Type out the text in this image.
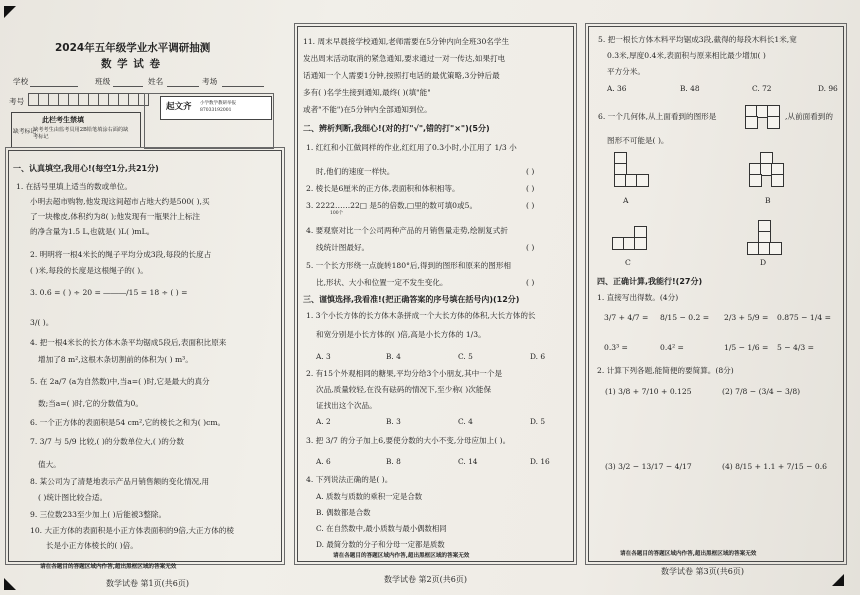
2024年五年级学业水平调研抽测
数 学 试 卷
学校	班级	姓名	考场
考号
此栏考生禁填
缺考标记
缺考考生由监考员用2B铅笔填涂右面的缺考标记
起文齐 小学数学教研举报
87033192001
一、认真填空,我用心!(每空1分,共21分)
1. 在括号里填上适当的数或单位。
小明去超市购物,他发现这间超市占地大约是500( ),买
了一块橡皮,体积约为8( );他发现有一瓶果汁上标注
的净含量为1.5 L,也就是( )L( )mL。
2. 明明将一根4米长的绳子平均分成3段,每段的长度占
( )米,每段的长度是这根绳子的( )。
3. 0.6 = ( ) ÷ 20 = ―――/15 = 18 ÷ ( ) =
3/( )。
4. 把一根4米长的长方体木条平均锯成5段后,表面积比原来
增加了8 m²,这根木条切割前的体积为( ) m³。
5. 在 2a/7 (a为自然数)中,当a=( )时,它是最大的真分
数;当a=( )时,它的分数值为0。
6. 一个正方体的表面积是54 cm²,它的棱长之和为( )cm。
7. 3/7 与 5/9 比较,( )的分数单位大,( )的分数
值大。
8. 某公司为了清楚地表示产品月销售额的变化情况,用
( )统计图比较合适。
9. 三位数233至少加上( )后能被3整除。
10. 大正方体的表面积是小正方体表面积的9倍,大正方体的棱
长是小正方体棱长的( )倍。
请在各题目的答题区域内作答,超出黑框区域的答案无效
数学试卷 第1页(共6页)
11. 周末早晨接学校通知,老师需要在5分钟内向全班30名学生
发出周末活动取消的紧急通知,要求通过一对一传达,如果打电
话通知一个人需要1分钟,按照打电话的最优策略,3分钟后最
多有( )名学生接到通知,最终( )(填"能"
或者"不能")在5分钟内全部通知到位。
二、辨析判断,我细心!(对的打"√",错的打"×")(5分)
1. 红红和小江做同样的作业,红红用了0.3小时,小江用了 1/3 小
时,他们的速度一样快。	( )
2. 棱长是6厘米的正方体,表面积和体积相等。	( )
3. 2222……22□ 是5的倍数,□里的数可填0或5。
100个
( )
4. 要观察对比一个公司两种产品的月销售量走势,绘制复式折
线统计图最好。	( )
5. 一个长方形绕一点旋转180°后,得到的图形和原来的图形相
比,形状、大小和位置一定不发生变化。	( )
三、谨慎选择,我看准!(把正确答案的序号填在括号内)(12分)
1. 3个小长方体的长方体木条拼成一个大长方体的体积,大长方体的长
和宽分别是小长方体的( )倍,高是小长方体的 1/3。
A. 3	B. 4	C. 5	D. 6
2. 有15个外观相同的糖果,平均分给3个小朋友,其中一个是
次品,质量较轻,在没有砝码的情况下,至少称( )次能保
证找出这个次品。
A. 2	B. 3	C. 4	D. 5
3. 把 3/7 的分子加上6,要使分数的大小不变,分母应加上( )。
A. 6	B. 8	C. 14	D. 16
4. 下列说法正确的是( )。
A. 质数与质数的乘积一定是合数
B. 偶数都是合数
C. 在自然数中,最小质数与最小偶数相同
D. 最简分数的分子和分母一定都是质数
请在各题目的答题区域内作答,超出黑框区域的答案无效
数学试卷 第2页(共6页)
5. 把一根长方体木料平均锯成3段,截得的每段木料长1米,宽
0.3米,厚度0.4米,表面积与原来相比最少增加( )
平方分米。
A. 36	B. 48	C. 72	D. 96
6. 一个几何体,从上面看到的图形是	,从前面看到的
图形不可能是( )。
A	B
C	D
四、正确计算,我能行!(27分)
1. 直接写出得数。(4分)
3/7 + 4/7 = 8/15 − 0.2 = 2/3 + 5/9 = 0.875 − 1/4 =
0.3³ =	0.4² =	1/5 − 1/6 = 5 − 4/3 =
2. 计算下列各题,能简便的要简算。(8分)
(1) 3/8 + 7/10 + 0.125	(2) 7/8 − (3/4 − 3/8)
(3) 3/2 − 13/17 − 4/17	(4) 8/15 + 1.1 + 7/15 − 0.6
请在各题目的答题区域内作答,超出黑框区域的答案无效
数学试卷 第3页(共6页)
